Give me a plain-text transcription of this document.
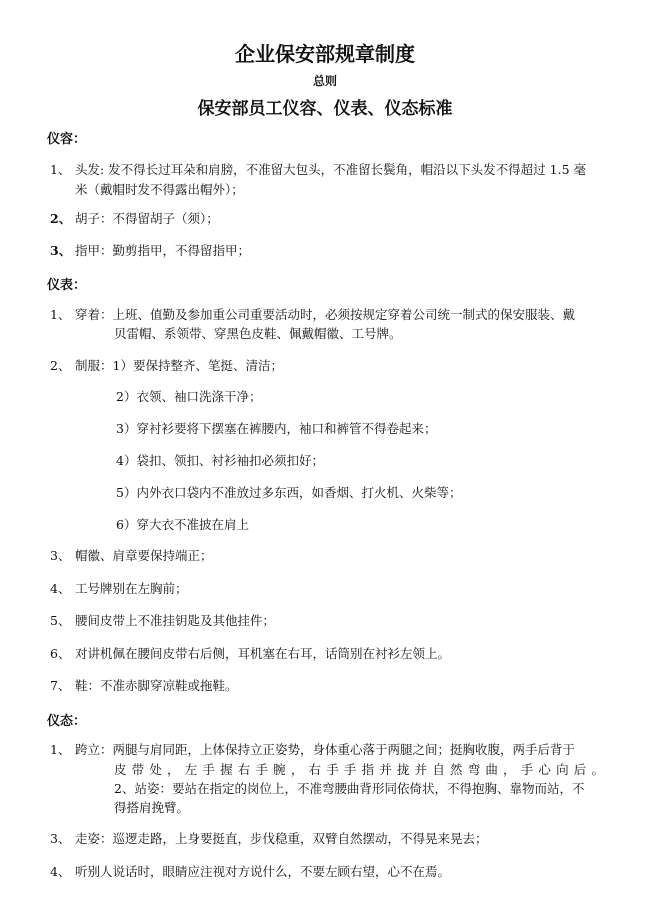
企业保安部规章制度
总则
保安部员工仪容、仪表、仪态标准
仪容：
1、 头发: 发不得长过耳朵和肩膀，不准留大包头，不准留长鬓角，帽沿以下头发不得超过 1.5 毫
米（戴帽时发不得露出帽外）；
2、 胡子：不得留胡子（须）；
3、 指甲：勤剪指甲，不得留指甲；
仪表：
1、 穿着：上班、值勤及参加重公司重要活动时，必须按规定穿着公司统一制式的保安服装、戴
贝雷帽、系领带、穿黑色皮鞋、佩戴帽徽、工号牌。
2、 制服：1）要保持整齐、笔挺、清洁；
2）衣领、袖口洗涤干净；
3）穿衬衫要将下摆塞在裤腰内，袖口和裤管不得卷起来；
4）袋扣、领扣、衬衫袖扣必须扣好；
5）内外衣口袋内不准放过多东西，如香烟、打火机、火柴等；
6）穿大衣不准披在肩上
3、 帽徽、肩章要保持端正；
4、 工号牌别在左胸前；
5、 腰间皮带上不准挂钥匙及其他挂件；
6、 对讲机佩在腰间皮带右后侧，耳机塞在右耳，话筒别在衬衫左领上。
7、 鞋：不准赤脚穿凉鞋或拖鞋。
仪态：
1、 跨立：两腿与肩同距，上体保持立正姿势，身体重心落于两腿之间；挺胸收腹，两手后背于
皮带处，左手握右手腕，右手手指并拢并自然弯曲，手心向后。
2、站姿：要站在指定的岗位上，不准弯腰曲背形同依倚状，不得抱胸、靠物而站，不
得搭肩挽臂。
3、 走姿：巡逻走路，上身要挺直，步伐稳重，双臂自然摆动，不得晃来晃去；
4、 听别人说话时，眼睛应注视对方说什么，不要左顾右望，心不在焉。
